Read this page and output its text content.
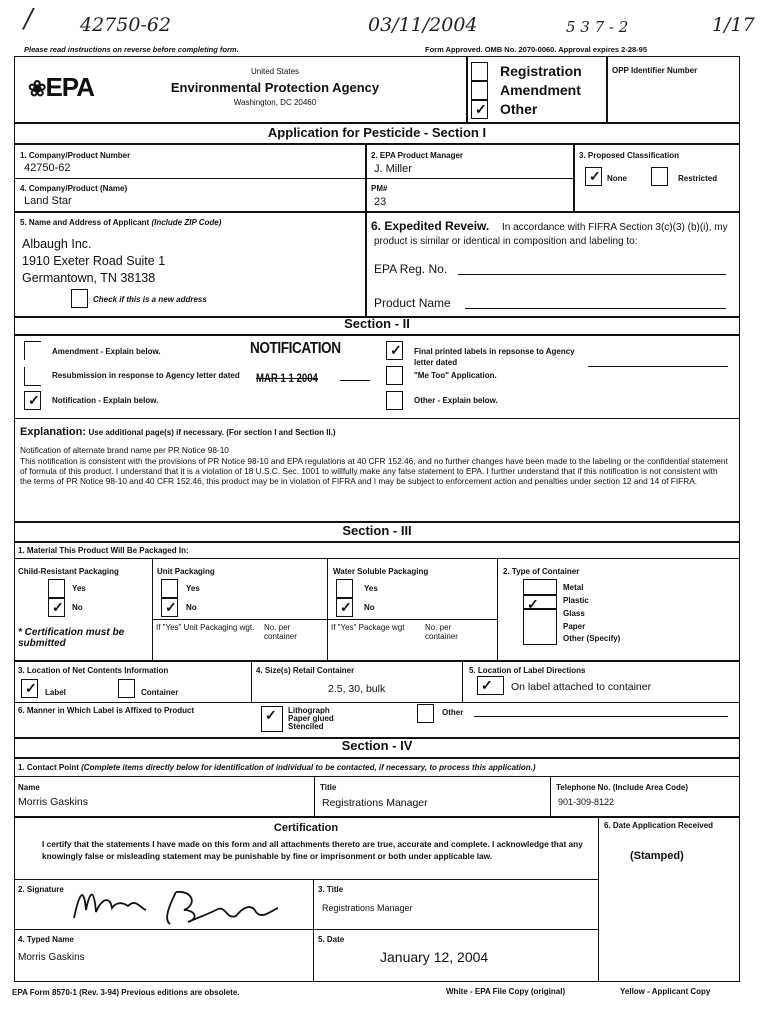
/ 42750-62	03/11/2004	5 3 7 - 2	1/17
Please read instructions on reverse before completing form.	Form Approved. OMB No. 2070-0060. Approval expires 2-28-95
❀EPA
United States
Environmental Protection Agency
Washington, DC 20460
Registration
Amendment
✓
Other
OPP Identifier Number
Application for Pesticide - Section I
1. Company/Product Number
42750-62
2. EPA Product Manager
J. Miller
3. Proposed Classification
✓
None	Restricted
4. Company/Product (Name)
Land Star
PM#
23
5. Name and Address of Applicant (Include ZIP Code)
Albaugh Inc.
1910 Exeter Road Suite 1
Germantown, TN 38138
Check if this is a new address
6. Expedited Reveiw.	In accordance with FIFRA Section 3(c)(3) (b)(i), my product is similar or identical in composition and labeling to:
EPA Reg. No.
Product Name
Section - II
Amendment - Explain below.	NOTIFICATION
Resubmission in response to Agency letter dated MAR 1 1 2004
✓
Notification - Explain below.
✓
Final printed labels in repsonse to Agency letter dated
"Me Too" Application.
Other - Explain below.
Explanation: Use additional page(s) if necessary. (For section I and Section II.)
Notification of alternate brand name per PR Notice 98-10
This notification is consistent with the provisions of PR Notice 98-10 and EPA regulations at 40 CFR 152.46, and no further changes have been made to the labeling or the confidential statement of formula of this product. I understand that it is a violation of 18 U.S.C. Sec. 1001 to willfully make any false statement to EPA. I further understand that if this notification is not consistent with the terms of PR Notice 98-10 and 40 CFR 152.46, this product may be in violation of FIFRA and I may be subject to enforcement action and penalties under section 12 and 14 of FIFRA.
Section - III
1. Material This Product Will Be Packaged In:
Child-Resistant Packaging
Yes
✓
No
* Certification must be submitted
Unit Packaging
Yes
✓
No
If "Yes" Unit Packaging wgt. No. per container
Water Soluble Packaging
Yes
✓
No
If "Yes" Package wgt	No. per container
2. Type of Container
✓
Metal
Plastic
Glass
Paper
Other (Specify)
3. Location of Net Contents Information
✓
Label	Container
4. Size(s) Retail Container
2.5, 30, bulk
5. Location of Label Directions
✓
On label attached to container
6. Manner in Which Label is Affixed to Product
✓	Lithograph
Paper glued
Stenciled
Other
Section - IV
1. Contact Point (Complete items directly below for identification of individual to be contacted, if necessary, to process this application.)
Name
Morris Gaskins
Title
Registrations Manager
Telephone No. (Include Area Code)
901-309-8122
Certification
I certify that the statements I have made on this form and all attachments thereto are true, accurate and complete. I acknowledge that any knowingly false or misleading statement may be punishable by fine or imprisonment or both under applicable law.
6. Date Application Received
(Stamped)
2. Signature	3. Title
Registrations Manager
4. Typed Name
Morris Gaskins
5. Date
January 12, 2004
EPA Form 8570-1 (Rev. 3-94) Previous editions are obsolete.	White - EPA File Copy (original)	Yellow - Applicant Copy
